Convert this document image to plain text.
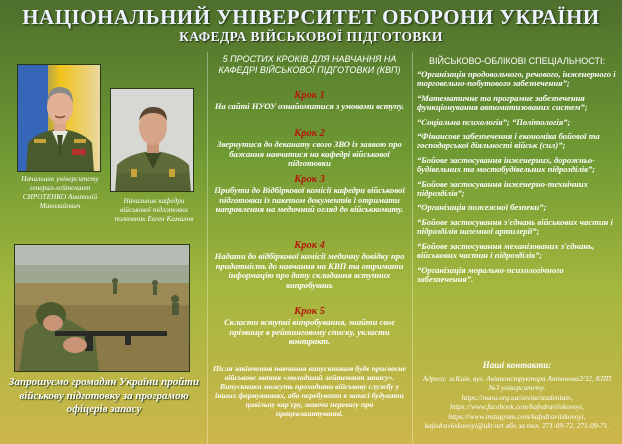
НАЦІОНАЛЬНИЙ УНІВЕРСИТЕТ ОБОРОНИ УКРАЇНИ
КАФЕДРА ВІЙСЬКОВОЇ ПІДГОТОВКИ
Начальник університету генерал-лейтенант СИРОТЕНКО Анатолій Миколайович
Начальник кафедри військової підготовки полковник Евген Камалов
Запрошуємо громадян України пройти військову підготовку за програмою офіцерів запасу
5 ПРОСТИХ КРОКІВ ДЛЯ НАВЧАННЯ НА КАФЕДРІ ВІЙСЬКОВОЇ ПІДГОТОВКИ (КВП)
Крок 1
На сайті НУОУ ознайомитися з умовами вступу.
Крок 2
Звернутися до деканату свого ЗВО із заявою про бажання навчатися на кафедрі військової підготовки
Крок 3
Прибути до Відбіркової комісії кафедри військової підготовки із пакетом документів і отримати направлення на медичний огляд до військкомату.
Крок 4
Надати до відбіркової комісії медичну довідку про придатність до навчання на КВП та отримати інформацію про дату складання вступних випробувань
Крок 5
Скласти вступні випробування, знайти своє прізвище в рейтинговому списку, укласти контракт.
Після закінчення навчання випускникам буде присвоєне військове звання «молодший лейтенант запасу». Випускники можуть проходити військову службу у інших формуваннях, або перебувати в запасі будувати цивільну кар'єру, маючи перевагу при працевлаштуванні.
ВІЙСЬКОВО-ОБЛІКОВІ СПЕЦІАЛЬНОСТІ:
“Організація продовольчого, речового, інженерного і торговельно-побутового забезпечення”;
“Математичне та програмне забезпечення функціонування автоматизованих систем”;
“Соціальна психологія”; “Політологія”;
“Фінансове забезпечення і економіка бойової та господарської діяльності військ (сил)”;
“Бойове застосування інженерних, дорожньо-будівельних та мостобудівельних підрозділів”;
“Бойове застосування інженерно-технічних підрозділів”;
“Організація пожежної безпеки”;
“Бойове застосування з'єднань військових частин і підрозділів наземної артилерії”;
“Бойове застосування механізованих з'єднань, військових частин і підрозділів”;
“Організація морально-психологічного забезпечення”.
Наші контакти:
Адреса: м.Київ, вул. Авіаконструктора Антонова2/32, КПП №3 університету.
https://nuou.org.ua/osvita/studentam,
https://www.facebook.com/kafedraviiskovoyi,
https://www.instagram.com/kafedraviiskovoyi,
kafedraviiskovoyi@ukr.net або за тел. 271-09-72, 271-09-71.
